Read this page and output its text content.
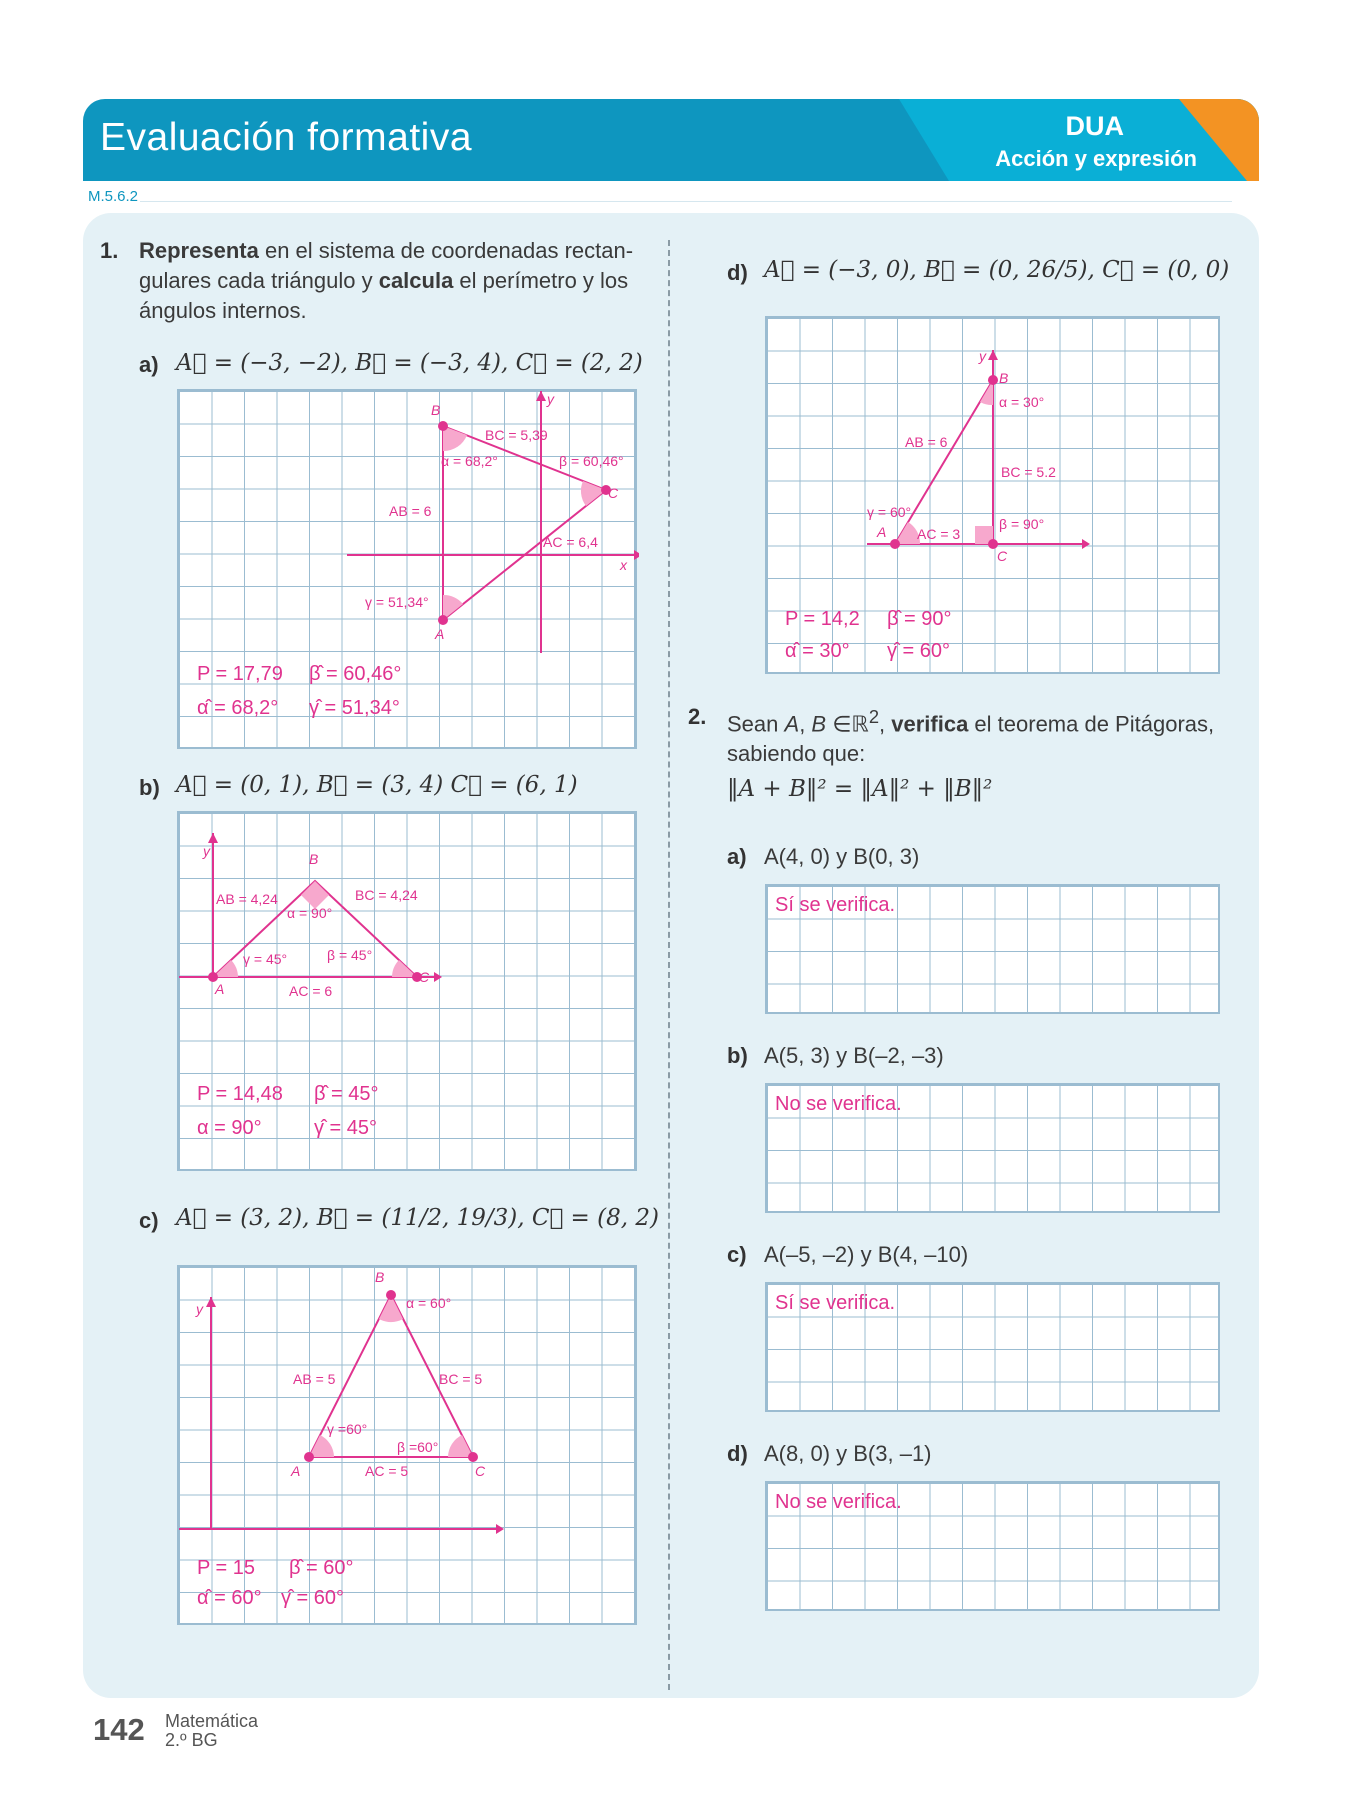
Evaluación formativa	DUA
Acción y expresión
M.5.6.2
1. Representa en el sistema de coordenadas rectan-
gulares cada triángulo y calcula el perímetro y los
ángulos internos.
a) A⃗ = (−3, −2), B⃗ = (−3, 4), C⃗ = (2, 2)
B
C
A
y
x
BC = 5,39
α = 68,2°	β = 60,46°
AB = 6
AC = 6,4
γ = 51,34°
P = 17,79 β̂ = 60,46°
α̂ = 68,2° γ̂ = 51,34°
b) A⃗ = (0, 1), B⃗ = (3, 4) C⃗ = (6, 1)
B
A
C
y
AB = 4,24	BC = 4,24
α = 90°
γ = 45°	β = 45°
AC = 6
P = 14,48 β̂ = 45°
α = 90°	γ̂ = 45°
c) A⃗ = (3, 2), B⃗ = (11/2, 19/3), C⃗ = (8, 2)
B
A	C
y	α = 60°
AB = 5	BC = 5
γ =60°
β =60°
AC = 5
P = 15 β̂ = 60°
α̂ = 60° γ̂ = 60°
d) A⃗ = (−3, 0), B⃗ = (0, 26/5), C⃗ = (0, 0)
B
A
C
y
α = 30°
AB = 6
BC = 5.2
γ = 60°
β = 90°
AC = 3
P = 14,2 β̂ = 90°
α̂ = 30° γ̂ = 60°
2. Sean A, B ∈ℝ$^2$, verifica el teorema de Pitágoras,
sabiendo que:
‖A + B‖² = ‖A‖² + ‖B‖²
a) A(4, 0) y B(0, 3)
Sí se verifica.
b) A(5, 3) y B(–2, –3)
No se verifica.
c) A(–5, –2) y B(4, –10)
Sí se verifica.
d) A(8, 0) y B(3, –1)
No se verifica.
142 Matemática
2.º BG
